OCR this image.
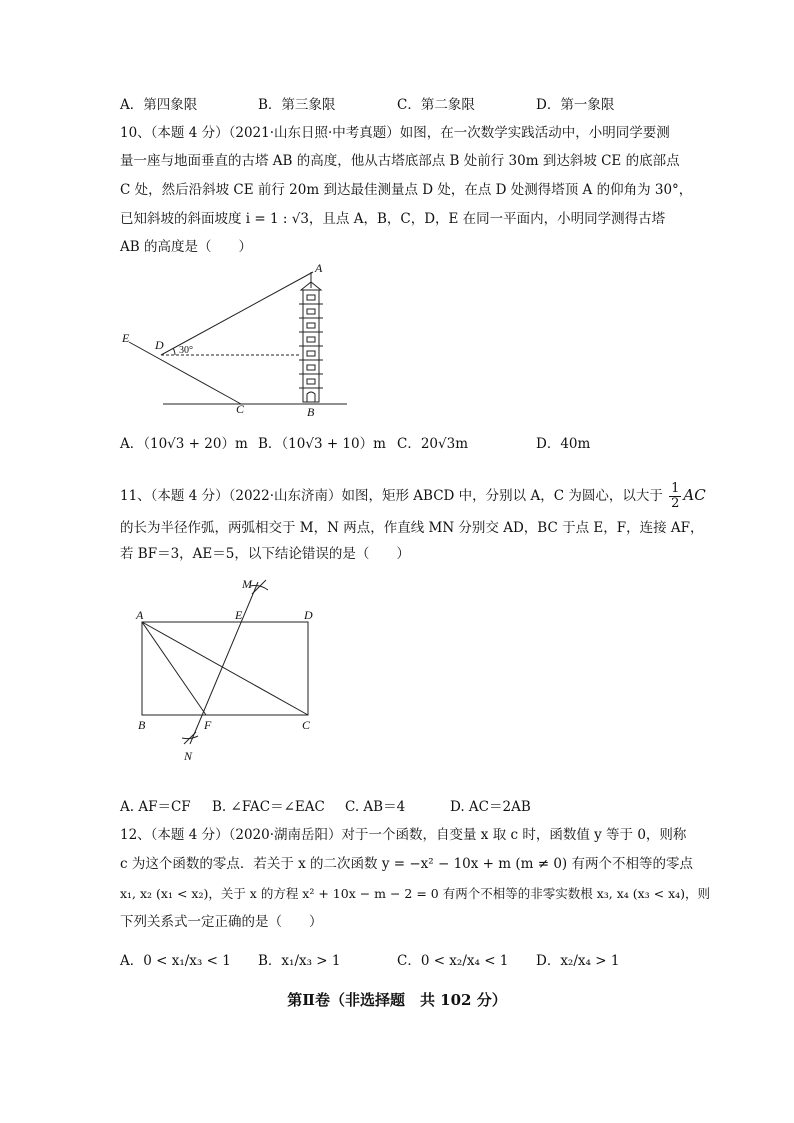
A．第四象限	B．第三象限	C．第二象限	D．第一象限
10、（本题 4 分）（2021·山东日照·中考真题）如图，在一次数学实践活动中，小明同学要测
量一座与地面垂直的古塔 AB 的高度，他从古塔底部点 B 处前行 30m 到达斜坡 CE 的底部点
C 处，然后沿斜坡 CE 前行 20m 到达最佳测量点 D 处，在点 D 处测得塔顶 A 的仰角为 30°，
已知斜坡的斜面坡度 i = 1 : √3，且点 A，B，C，D，E 在同一平面内，小明同学测得古塔
AB 的高度是（　　）
A
B
C
D
E
30°
A．（10√3 + 20）m B．（10√3 + 10）m C．20√3m	D．40m
11、（本题 4 分）（2022·山东济南）如图，矩形 ABCD 中，分别以 A，C 为圆心，以大于 $\frac{1}{2}$ AC
的长为半径作弧，两弧相交于 M，N 两点，作直线 MN 分别交 AD，BC 于点 E，F，连接 AF，
若 BF＝3，AE＝5，以下结论错误的是（　　）
M
N
A	E	D
B	F	C
A. AF＝CF B. ∠FAC＝∠EAC C. AB＝4	D. AC＝2AB
12、（本题 4 分）（2020·湖南岳阳）对于一个函数，自变量 x 取 c 时，函数值 y 等于 0，则称
c 为这个函数的零点．若关于 x 的二次函数 y = −x² − 10x + m (m ≠ 0) 有两个不相等的零点
x₁, x₂ (x₁ < x₂)，关于 x 的方程 x² + 10x − m − 2 = 0 有两个不相等的非零实数根 x₃, x₄ (x₃ < x₄)，则
下列关系式一定正确的是（　　）
A．0 < x₁/x₃ < 1 B．x₁/x₃ > 1	C．0 < x₂/x₄ < 1 D．x₂/x₄ > 1
第Ⅱ卷（非选择题　共 102 分）
